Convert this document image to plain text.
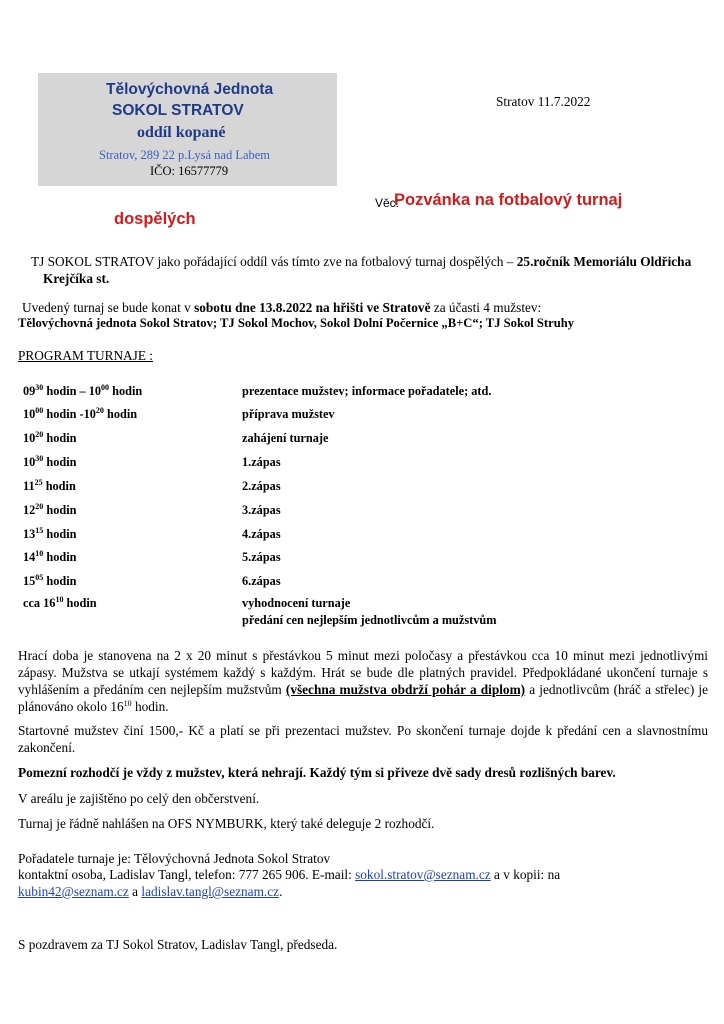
Tělovýchovná Jednota
SOKOL STRATOV
oddíl kopané
Stratov, 289 22 p.Lysá nad Labem
IČO: 16577779
Stratov 11.7.2022
Věc:
Pozvánka na fotbalový turnaj
dospělých
TJ SOKOL STRATOV jako pořádající oddíl vás tímto zve na fotbalový turnaj dospělých – 25.ročník Memoriálu Oldřicha
Krejčíka st.
Uvedený turnaj se bude konat v sobotu dne 13.8.2022 na hřišti ve Stratově za účasti 4 mužstev:
Tělovýchovná jednota Sokol Stratov; TJ Sokol Mochov, Sokol Dolní Počernice „B+C“; TJ Sokol Struhy
PROGRAM TURNAJE :
$09^{30}$ hodin – $10^{00}$ hodin	prezentace mužstev; informace pořadatele; atd.
$10^{00}$ hodin $-10^{20}$ hodin	příprava mužstev
$10^{20}$ hodin	zahájení turnaje
$10^{30}$ hodin	1.zápas
$11^{25}$ hodin	2.zápas
$12^{20}$ hodin	3.zápas
$13^{15}$ hodin	4.zápas
$14^{10}$ hodin	5.zápas
$15^{05}$ hodin	6.zápas
cca $16^{10}$ hodin	vyhodnocení turnaje
předání cen nejlepším jednotlivcům a mužstvům
Hrací doba je stanovena na 2 x 20 minut s přestávkou 5 minut mezi poločasy a přestávkou cca 10 minut mezi jednotlivými zápasy. Mužstva se utkají systémem každý s každým. Hrát se bude dle platných pravidel. Předpokládané ukončení turnaje s vyhlášením a předáním cen nejlepším mužstvům (všechna mužstva obdrží pohár a diplom) a jednotlivcům (hráč a střelec) je plánováno okolo $16^{10}$ hodin.
Startovné mužstev činí 1500,- Kč a platí se při prezentaci mužstev. Po skončení turnaje dojde k předání cen a slavnostnímu zakončení.
Pomezní rozhodčí je vždy z mužstev, která nehrají. Každý tým si přiveze dvě sady dresů rozlišných barev.
V areálu je zajištěno po celý den občerstvení.
Turnaj je řádně nahlášen na OFS NYMBURK, který také deleguje 2 rozhodčí.
Pořadatele turnaje je: Tělovýchovná Jednota Sokol Stratov
kontaktní osoba, Ladislav Tangl, telefon: 777 265 906. E-mail: sokol.stratov@seznam.cz a v kopii: na
kubin42@seznam.cz a ladislav.tangl@seznam.cz.
S pozdravem za TJ Sokol Stratov, Ladislav Tangl, předseda.
